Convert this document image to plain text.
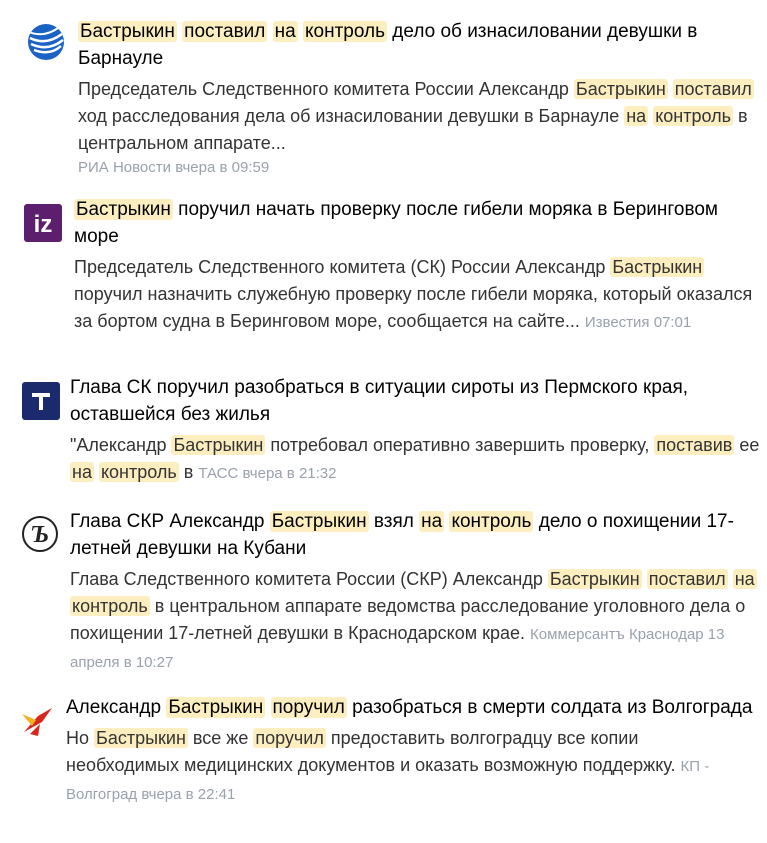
Бастрыкин поставил на контроль дело об изнасиловании девушки в Барнауле
Председатель Следственного комитета России Александр Бастрыкин поставил ход расследования дела об изнасиловании девушки в Барнауле на контроль в центральном аппарате...
РИА Новости вчера в 09:59
iz
Бастрыкин поручил начать проверку после гибели моряка в Беринговом море
Председатель Следственного комитета (СК) России Александр Бастрыкин поручил назначить служебную проверку после гибели моряка, который оказался за бортом судна в Беринговом море, сообщается на сайте... Известия 07:01
Глава СК поручил разобраться в ситуации сироты из Пермского края, оставшейся без жилья
"Александр Бастрыкин потребовал оперативно завершить проверку, поставив ее на контроль в ТАСС вчера в 21:32
Ъ
Глава СКР Александр Бастрыкин взял на контроль дело о похищении 17-летней девушки на Кубани
Глава Следственного комитета России (СКР) Александр Бастрыкин поставил на контроль в центральном аппарате ведомства расследование уголовного дела о похищении 17-летней девушки в Краснодарском крае. Коммерсантъ Краснодар 13 апреля в 10:27
Александр Бастрыкин поручил разобраться в смерти солдата из Волгограда
Но Бастрыкин все же поручил предоставить волгоградцу все копии необходимых медицинских документов и оказать возможную поддержку. КП - Волгоград вчера в 22:41
